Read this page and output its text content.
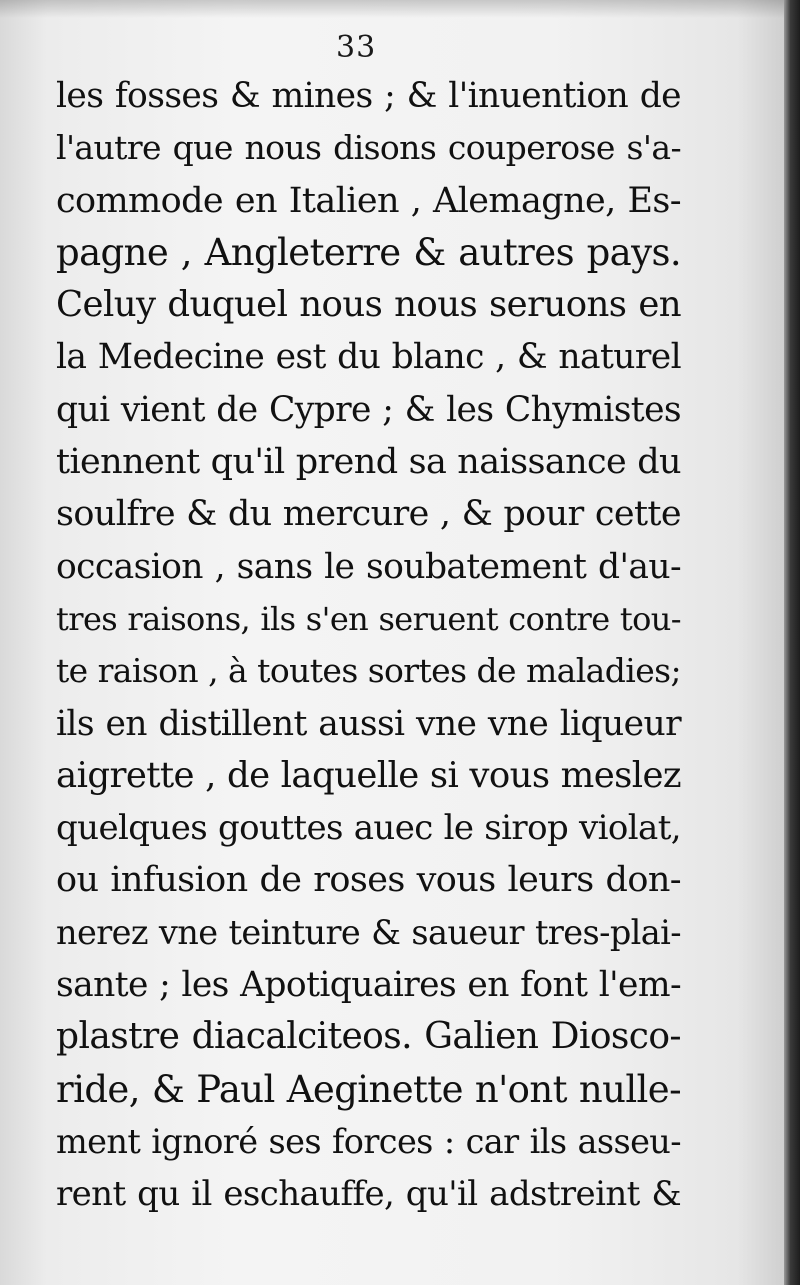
33
les fosses & mines ; & l'inuention de
l'autre que nous disons couperose s'a-
commode en Italien , Alemagne, Es-
pagne , Angleterre & autres pays.
Celuy duquel nous nous seruons en
la Medecine est du blanc , & naturel
qui vient de Cypre ; & les Chymistes
tiennent qu'il prend sa naissance du
soulfre & du mercure , & pour cette
occasion , sans le soubatement d'au-
tres raisons, ils s'en seruent contre tou-
te raison , à toutes sortes de maladies;
ils en distillent aussi vne vne liqueur
aigrette , de laquelle si vous meslez
quelques gouttes auec le sirop violat,
ou infusion de roses vous leurs don-
nerez vne teinture & saueur tres-plai-
sante ; les Apotiquaires en font l'em-
plastre diacalciteos. Galien Dioscο-
ride, & Paul Aeginette n'ont nulle-
ment ignoré ses forces : car ils asseu-
rent qu il eschauffe, qu'il adstreint &
